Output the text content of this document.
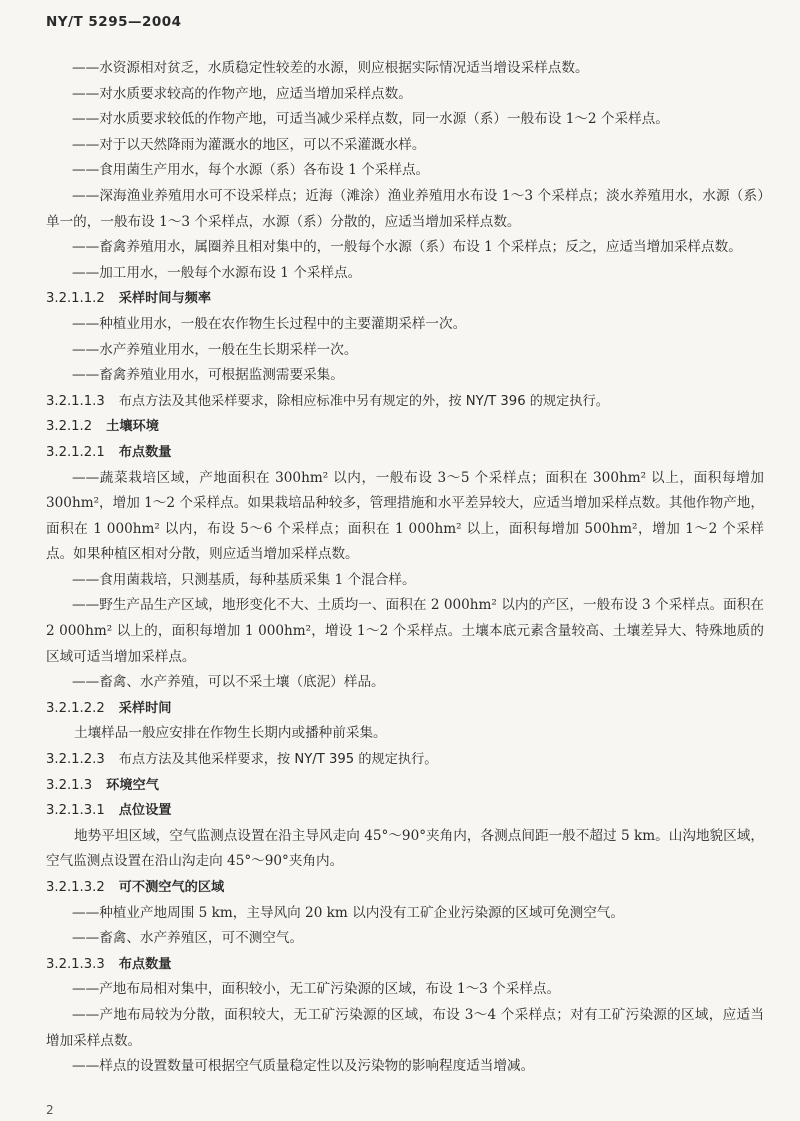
NY/T 5295—2004

——水资源相对贫乏，水质稳定性较差的水源，则应根据实际情况适当增设采样点数。

——对水质要求较高的作物产地，应适当增加采样点数。

——对水质要求较低的作物产地，可适当减少采样点数，同一水源（系）一般布设 1～2 个采样点。

——对于以天然降雨为灌溉水的地区，可以不采灌溉水样。

——食用菌生产用水，每个水源（系）各布设 1 个采样点。

——深海渔业养殖用水可不设采样点；近海（滩涂）渔业养殖用水布设 1～3 个采样点；淡水养殖用水，水源（系）单一的，一般布设 1～3 个采样点，水源（系）分散的，应适当增加采样点数。

——畜禽养殖用水，属圈养且相对集中的，一般每个水源（系）布设 1 个采样点；反之，应适当增加采样点数。

——加工用水，一般每个水源布设 1 个采样点。

3.2.1.1.2 采样时间与频率

——种植业用水，一般在农作物生长过程中的主要灌期采样一次。

——水产养殖业用水，一般在生长期采样一次。

——畜禽养殖业用水，可根据监测需要采集。

3.2.1.1.3 布点方法及其他采样要求，除相应标准中另有规定的外，按 NY/T 396 的规定执行。

3.2.1.2 土壤环境

3.2.1.2.1 布点数量

——蔬菜栽培区域，产地面积在 300hm² 以内，一般布设 3～5 个采样点；面积在 300hm² 以上，面积每增加 300hm²，增加 1～2 个采样点。如果栽培品种较多，管理措施和水平差异较大，应适当增加采样点数。其他作物产地，面积在 1 000hm² 以内，布设 5～6 个采样点；面积在 1 000hm² 以上，面积每增加 500hm²，增加 1～2 个采样点。如果种植区相对分散，则应适当增加采样点数。

——食用菌栽培，只测基质，每种基质采集 1 个混合样。

——野生产品生产区域，地形变化不大、土质均一、面积在 2 000hm² 以内的产区，一般布设 3 个采样点。面积在 2 000hm² 以上的，面积每增加 1 000hm²，增设 1～2 个采样点。土壤本底元素含量较高、土壤差异大、特殊地质的区域可适当增加采样点。

——畜禽、水产养殖，可以不采土壤（底泥）样品。

3.2.1.2.2 采样时间

土壤样品一般应安排在作物生长期内或播种前采集。

3.2.1.2.3 布点方法及其他采样要求，按 NY/T 395 的规定执行。

3.2.1.3 环境空气

3.2.1.3.1 点位设置

地势平坦区域，空气监测点设置在沿主导风走向 45°～90°夹角内，各测点间距一般不超过 5 km。山沟地貌区域，空气监测点设置在沿山沟走向 45°～90°夹角内。

3.2.1.3.2 可不测空气的区域

——种植业产地周围 5 km，主导风向 20 km 以内没有工矿企业污染源的区域可免测空气。

——畜禽、水产养殖区，可不测空气。

3.2.1.3.3 布点数量

——产地布局相对集中，面积较小，无工矿污染源的区域，布设 1～3 个采样点。

——产地布局较为分散，面积较大，无工矿污染源的区域，布设 3～4 个采样点；对有工矿污染源的区域，应适当增加采样点数。

——样点的设置数量可根据空气质量稳定性以及污染物的影响程度适当增减。

2
